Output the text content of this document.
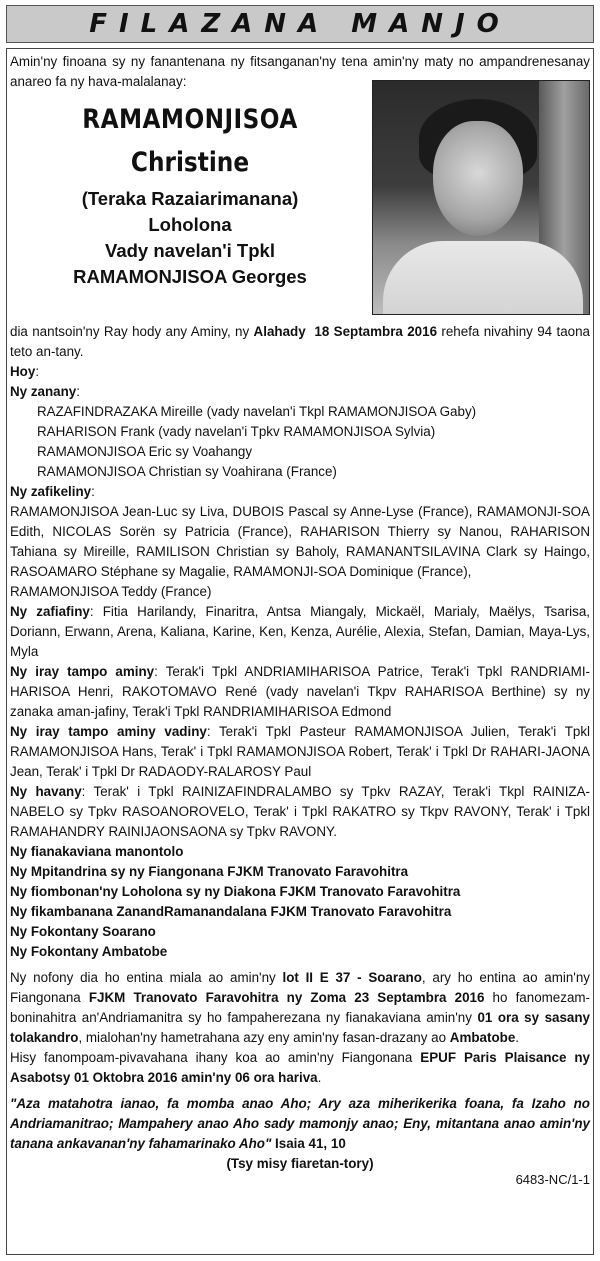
FILAZANA MANJO

Amin'ny finoana sy ny fanantenana ny fitsanganan'ny tena amin'ny maty no ampandrenesanay anareo fa ny hava-malalanay:

RAMAMONJISOA
Christine
(Teraka Razaiarimanana)
Loholona
Vady navelan'i Tpkl
RAMAMONJISOA Georges

dia nantsoin'ny Ray hody any Aminy, ny Alahady 18 Septambra 2016 rehefa nivahiny 94 taona teto an-tany.

Hoy:

Ny zanany:

RAZAFINDRAZAKA Mireille (vady navelan'i Tkpl RAMAMONJISOA Gaby)

RAHARISON Frank (vady navelan'i Tpkv RAMAMONJISOA Sylvia)

RAMAMONJISOA Eric sy Voahangy

RAMAMONJISOA Christian sy Voahirana (France)

Ny zafikeliny:

RAMAMONJISOA Jean-Luc sy Liva, DUBOIS Pascal sy Anne-Lyse (France), RAMAMONJI-SOA Edith, NICOLAS Sorën sy Patricia (France), RAHARISON Thierry sy Nanou, RAHARISON Tahiana sy Mireille, RAMILISON Christian sy Baholy, RAMANANTSILAVINA Clark sy Haingo, RASOAMARO Stéphane sy Magalie, RAMAMONJI-SOA Dominique (France),

RAMAMONJISOA Teddy (France)

Ny zafiafiny: Fitia Harilandy, Finaritra, Antsa Miangaly, Mickaël, Marialy, Maëlys, Tsarisa, Doriann, Erwann, Arena, Kaliana, Karine, Ken, Kenza, Aurélie, Alexia, Stefan, Damian, Maya-Lys, Myla

Ny iray tampo aminy: Terak'i Tpkl ANDRIAMIHARISOA Patrice, Terak'i Tpkl RANDRIAMI-HARISOA Henri, RAKOTOMAVO René (vady navelan'i Tkpv RAHARISOA Berthine) sy ny zanaka aman-jafiny, Terak'i Tpkl RANDRIAMIHARISOA Edmond

Ny iray tampo aminy vadiny: Terak'i Tpkl Pasteur RAMAMONJISOA Julien, Terak'i Tpkl RAMAMONJISOA Hans, Terak' i Tpkl RAMAMONJISOA Robert, Terak' i Tpkl Dr RAHARI-JAONA Jean, Terak' i Tpkl Dr RADAODY-RALAROSY Paul

Ny havany: Terak' i Tpkl RAINIZAFINDRALAMBO sy Tpkv RAZAY, Terak'i Tkpl RAINIZA-NABELO sy Tpkv RASOANOROVELO, Terak' i Tpkl RAKATRO sy Tkpv RAVONY, Terak' i Tpkl RAMAHANDRY RAINIJAONSAONA sy Tpkv RAVONY.

Ny fianakaviana manontolo

Ny Mpitandrina sy ny Fiangonana FJKM Tranovato Faravohitra

Ny fiombonan'ny Loholona sy ny Diakona FJKM Tranovato Faravohitra

Ny fikambanana ZanandRamanandalana FJKM Tranovato Faravohitra

Ny Fokontany Soarano

Ny Fokontany Ambatobe

Ny nofony dia ho entina miala ao amin'ny lot II E 37 - Soarano, ary ho entina ao amin'ny Fiangonana FJKM Tranovato Faravohitra ny Zoma 23 Septambra 2016 ho fanomezam-boninahitra an'Andriamanitra sy ho fampaherezana ny fianakaviana amin'ny 01 ora sy sasany tolakandro, mialohan'ny hametrahana azy eny amin'ny fasan-drazany ao Ambatobe.

Hisy fanompoam-pivavahana ihany koa ao amin'ny Fiangonana EPUF Paris Plaisance ny Asabotsy 01 Oktobra 2016 amin'ny 06 ora hariva.

"Aza matahotra ianao, fa momba anao Aho; Ary aza miherikerika foana, fa Izaho no Andriamanitrao; Mampahery anao Aho sady mamonjy anao; Eny, mitantana anao amin'ny tanana ankavanan'ny fahamarinako Aho" Isaia 41, 10

(Tsy misy fiaretan-tory)

6483-NC/1-1
